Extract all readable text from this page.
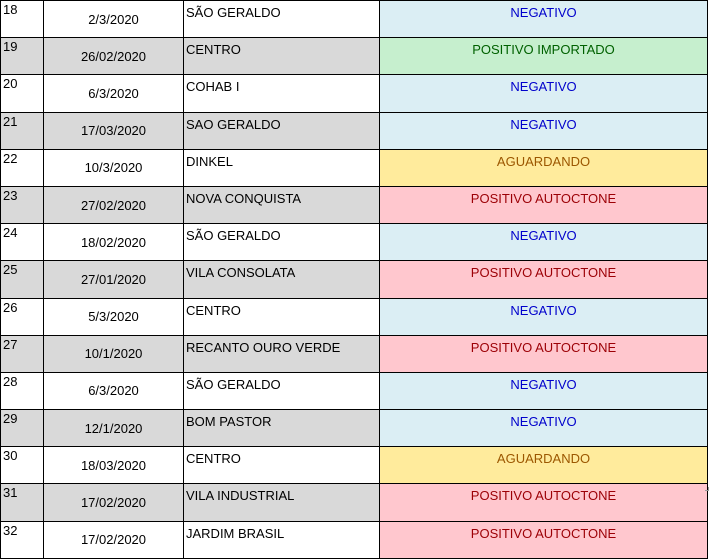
18	2/3/2020	SÃO GERALDO	NEGATIVO
19	26/02/2020	CENTRO	POSITIVO IMPORTADO
20	6/3/2020	COHAB I	NEGATIVO
21	17/03/2020	SAO GERALDO	NEGATIVO
22	10/3/2020	DINKEL	AGUARDANDO
23	27/02/2020	NOVA CONQUISTA	POSITIVO AUTOCTONE
24	18/02/2020	SÃO GERALDO	NEGATIVO
25	27/01/2020	VILA CONSOLATA	POSITIVO AUTOCTONE
26	5/3/2020	CENTRO	NEGATIVO
27	10/1/2020	RECANTO OURO VERDE	POSITIVO AUTOCTONE
28	6/3/2020	SÃO GERALDO	NEGATIVO
29	12/1/2020	BOM PASTOR	NEGATIVO
30	18/03/2020	CENTRO	AGUARDANDO
31	17/02/2020	VILA INDUSTRIAL	POSITIVO AUTOCTONE
32	17/02/2020	JARDIM BRASIL	POSITIVO AUTOCTONE
